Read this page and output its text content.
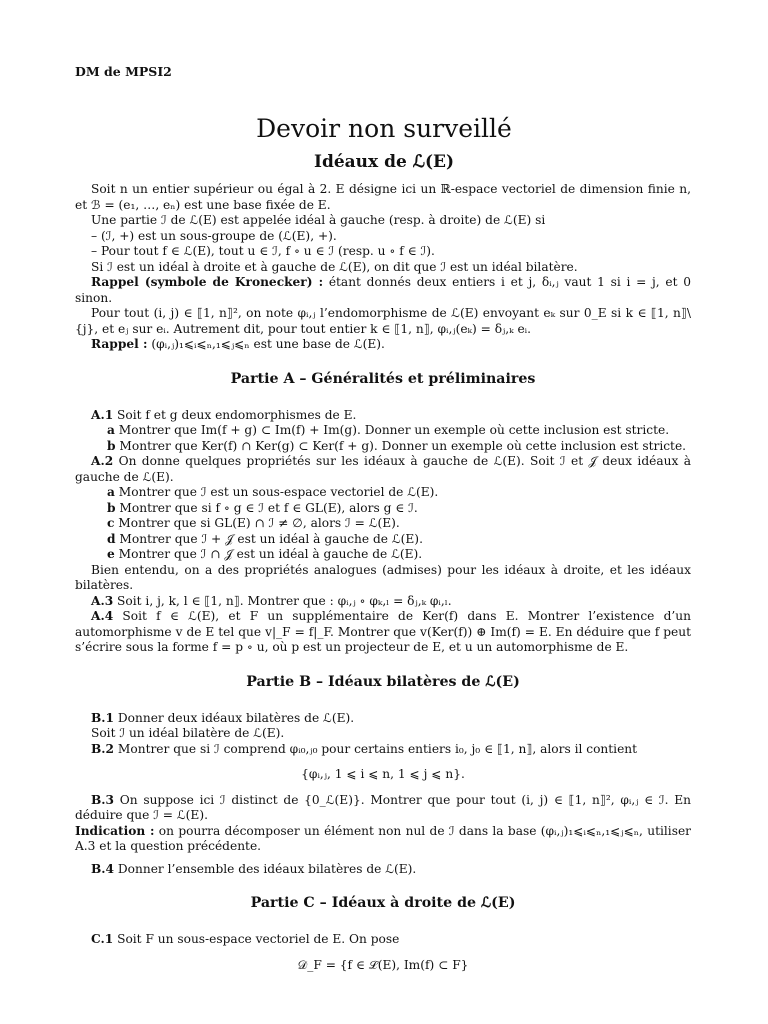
DM de MPSI2
Devoir non surveillé
Idéaux de ℒ(E)

Soit n un entier supérieur ou égal à 2. E désigne ici un ℝ-espace vectoriel de dimension finie n, et ℬ = (e₁, …, eₙ) est une base fixée de E.

Une partie ℐ de ℒ(E) est appelée idéal à gauche (resp. à droite) de ℒ(E) si

– (ℐ, +) est un sous-groupe de (ℒ(E), +).

– Pour tout f ∈ ℒ(E), tout u ∈ ℐ, f ∘ u ∈ ℐ (resp. u ∘ f ∈ ℐ).

Si ℐ est un idéal à droite et à gauche de ℒ(E), on dit que ℐ est un idéal bilatère.

Rappel (symbole de Kronecker) : étant donnés deux entiers i et j, δᵢ,ⱼ vaut 1 si i = j, et 0 sinon.

Pour tout (i, j) ∈ ⟦1, n⟧², on note φᵢ,ⱼ l’endomorphisme de ℒ(E) envoyant eₖ sur 0_E si k ∈ ⟦1, n⟧\{j}, et eⱼ sur eᵢ. Autrement dit, pour tout entier k ∈ ⟦1, n⟧, φᵢ,ⱼ(eₖ) = δⱼ,ₖ eᵢ.

Rappel : (φᵢ,ⱼ)₁⩽ᵢ⩽ₙ,₁⩽ⱼ⩽ₙ est une base de ℒ(E).

Partie A – Généralités et préliminaires

A.1 Soit f et g deux endomorphismes de E.

a Montrer que Im(f + g) ⊂ Im(f) + Im(g). Donner un exemple où cette inclusion est stricte.

b Montrer que Ker(f) ∩ Ker(g) ⊂ Ker(f + g). Donner un exemple où cette inclusion est stricte.

A.2 On donne quelques propriétés sur les idéaux à gauche de ℒ(E). Soit ℐ et 𝒥 deux idéaux à gauche de ℒ(E).

a Montrer que ℐ est un sous-espace vectoriel de ℒ(E).

b Montrer que si f ∘ g ∈ ℐ et f ∈ GL(E), alors g ∈ ℐ.

c Montrer que si GL(E) ∩ ℐ ≠ ∅, alors ℐ = ℒ(E).

d Montrer que ℐ + 𝒥 est un idéal à gauche de ℒ(E).

e Montrer que ℐ ∩ 𝒥 est un idéal à gauche de ℒ(E).

Bien entendu, on a des propriétés analogues (admises) pour les idéaux à droite, et les idéaux bilatères.

A.3 Soit i, j, k, l ∈ ⟦1, n⟧. Montrer que : φᵢ,ⱼ ∘ φₖ,ₗ = δⱼ,ₖ φᵢ,ₗ.

A.4 Soit f ∈ ℒ(E), et F un supplémentaire de Ker(f) dans E. Montrer l’existence d’un automorphisme v de E tel que v|_F = f|_F. Montrer que v(Ker(f)) ⊕ Im(f) = E. En déduire que f peut s’écrire sous la forme f = p ∘ u, où p est un projecteur de E, et u un automorphisme de E.

Partie B – Idéaux bilatères de ℒ(E)

B.1 Donner deux idéaux bilatères de ℒ(E).

Soit ℐ un idéal bilatère de ℒ(E).

B.2 Montrer que si ℐ comprend φᵢ₀,ⱼ₀ pour certains entiers i₀, j₀ ∈ ⟦1, n⟧, alors il contient

{φᵢ,ⱼ, 1 ⩽ i ⩽ n, 1 ⩽ j ⩽ n}.

B.3 On suppose ici ℐ distinct de {0_ℒ(E)}. Montrer que pour tout (i, j) ∈ ⟦1, n⟧², φᵢ,ⱼ ∈ ℐ. En déduire que ℐ = ℒ(E).

Indication : on pourra décomposer un élément non nul de ℐ dans la base (φᵢ,ⱼ)₁⩽ᵢ⩽ₙ,₁⩽ⱼ⩽ₙ, utiliser A.3 et la question précédente.

B.4 Donner l’ensemble des idéaux bilatères de ℒ(E).

Partie C – Idéaux à droite de ℒ(E)

C.1 Soit F un sous-espace vectoriel de E. On pose

𝒟_F = {f ∈ ℒ(E), Im(f) ⊂ F}
